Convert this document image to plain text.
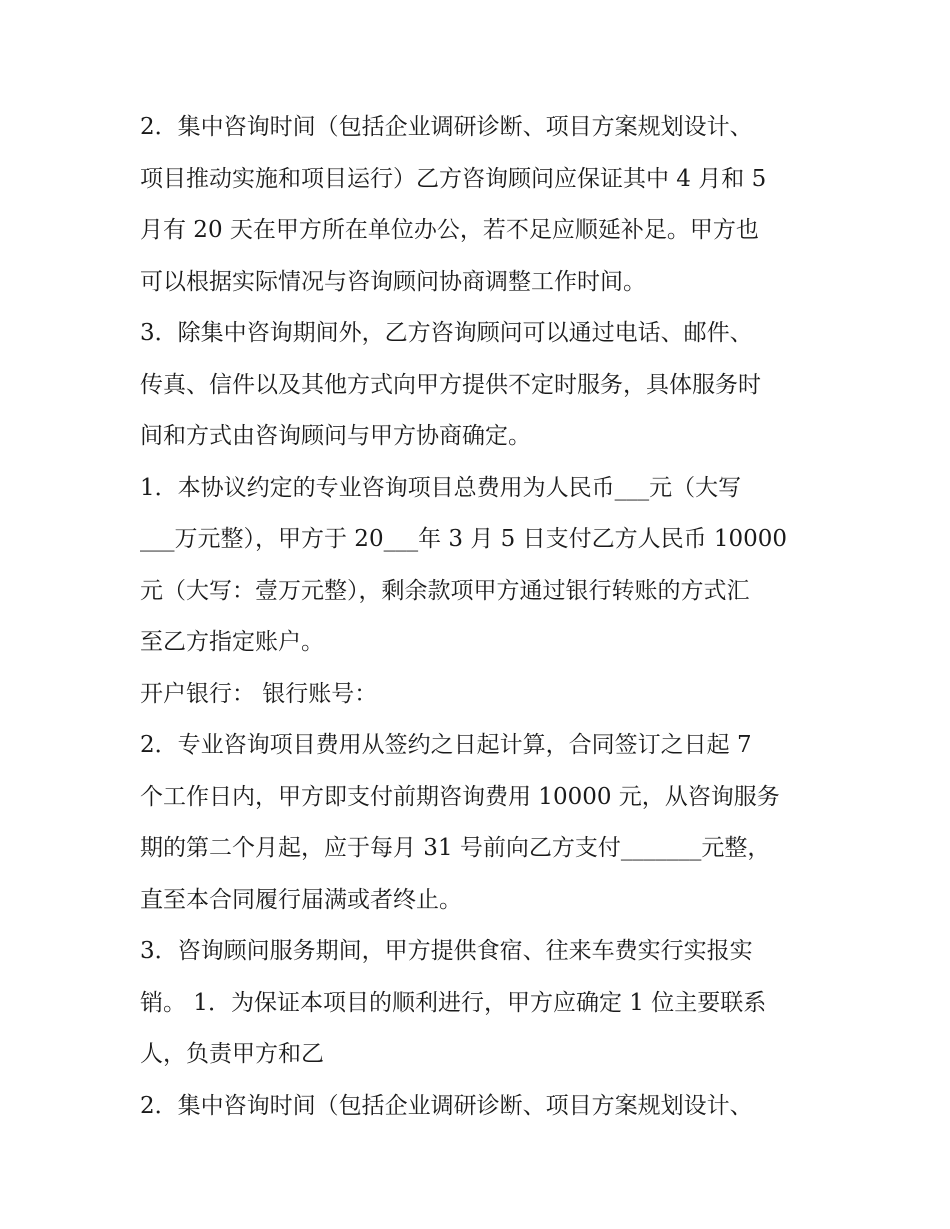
2．集中咨询时间（包括企业调研诊断、项目方案规划设计、
项目推动实施和项目运行）乙方咨询顾问应保证其中 4 月和 5
月有 20 天在甲方所在单位办公，若不足应顺延补足。甲方也
可以根据实际情况与咨询顾问协商调整工作时间。
3．除集中咨询期间外，乙方咨询顾问可以通过电话、邮件、
传真、信件以及其他方式向甲方提供不定时服务，具体服务时
间和方式由咨询顾问与甲方协商确定。
1．本协议约定的专业咨询项目总费用为人民币___元（大写
___万元整），甲方于 20___年 3 月 5 日支付乙方人民币 10000
元（大写：壹万元整），剩余款项甲方通过银行转账的方式汇
至乙方指定账户。
开户银行： 银行账号：
2．专业咨询项目费用从签约之日起计算，合同签订之日起 7
个工作日内，甲方即支付前期咨询费用 10000 元，从咨询服务
期的第二个月起，应于每月 31 号前向乙方支付_______元整，
直至本合同履行届满或者终止。
3．咨询顾问服务期间，甲方提供食宿、往来车费实行实报实
销。 1．为保证本项目的顺利进行，甲方应确定 1 位主要联系
人，负责甲方和乙
2．集中咨询时间（包括企业调研诊断、项目方案规划设计、
